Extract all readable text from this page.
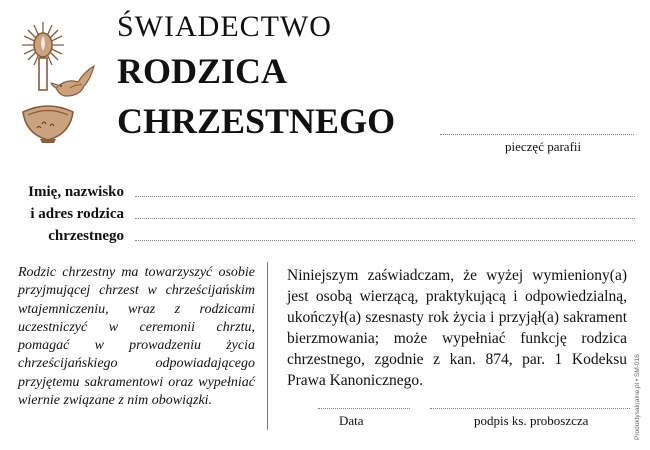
ŚWIADECTWO
RODZICA
CHRZESTNEGO
pieczęć parafii
Imię, nazwisko
i adres rodzica
chrzestnego
Rodzic chrzestny ma towarzyszyć osobie przyjmującej chrzest w chrześcijańskim wtajemniczeniu, wraz z rodzicami uczestniczyć w ceremonii chrztu, pomagać w prowadzeniu życia chrześcijańskiego odpowiadającego przyjętemu sakramentowi oraz wypełniać wiernie związane z nim obowiązki.
Niniejszym zaświadczam, że wyżej wymieniony(a) jest osobą wierzącą, praktykującą i odpowiedzialną, ukończył(a) szesnasty rok życia i przyjął(a) sakrament bierzmowania; może wypełniać funkcję rodzica chrzestnego, zgodnie z kan. 874, par. 1 Kodeksu Prawa Kanonicznego.
Data	podpis ks. proboszcza	Produktysakralne.pl • SM-016
